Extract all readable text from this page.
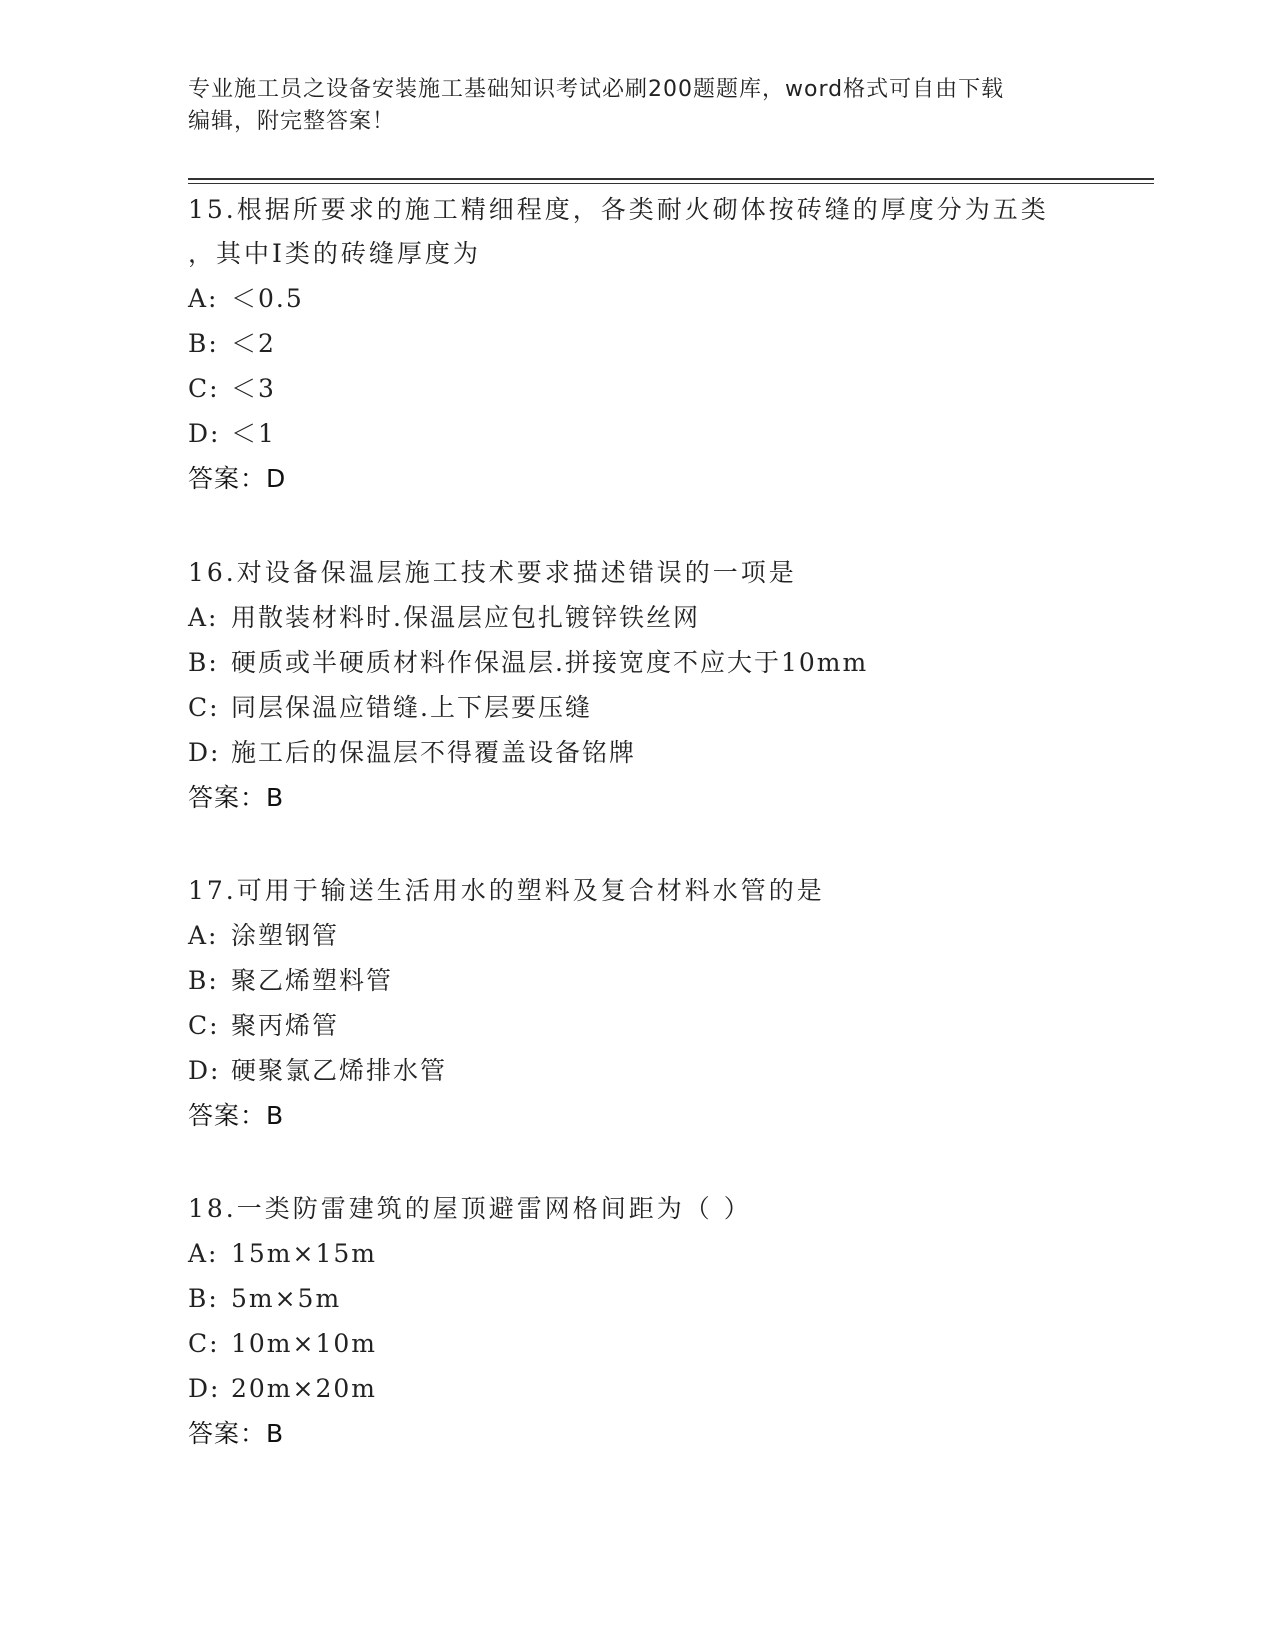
专业施工员之设备安装施工基础知识考试必刷200题题库，word格式可自由下载
编辑，附完整答案！
15.根据所要求的施工精细程度，各类耐火砌体按砖缝的厚度分为五类
，其中Ⅰ类的砖缝厚度为
A: ＜0.5
B: ＜2
C: ＜3
D: ＜1
答案：D
16.对设备保温层施工技术要求描述错误的一项是
A: 用散装材料时.保温层应包扎镀锌铁丝网
B: 硬质或半硬质材料作保温层.拼接宽度不应大于10mm
C: 同层保温应错缝.上下层要压缝
D: 施工后的保温层不得覆盖设备铭牌
答案：B
17.可用于输送生活用水的塑料及复合材料水管的是
A: 涂塑钢管
B: 聚乙烯塑料管
C: 聚丙烯管
D: 硬聚氯乙烯排水管
答案：B
18.一类防雷建筑的屋顶避雷网格间距为（ ）
A: 15m×15m
B: 5m×5m
C: 10m×10m
D: 20m×20m
答案：B
